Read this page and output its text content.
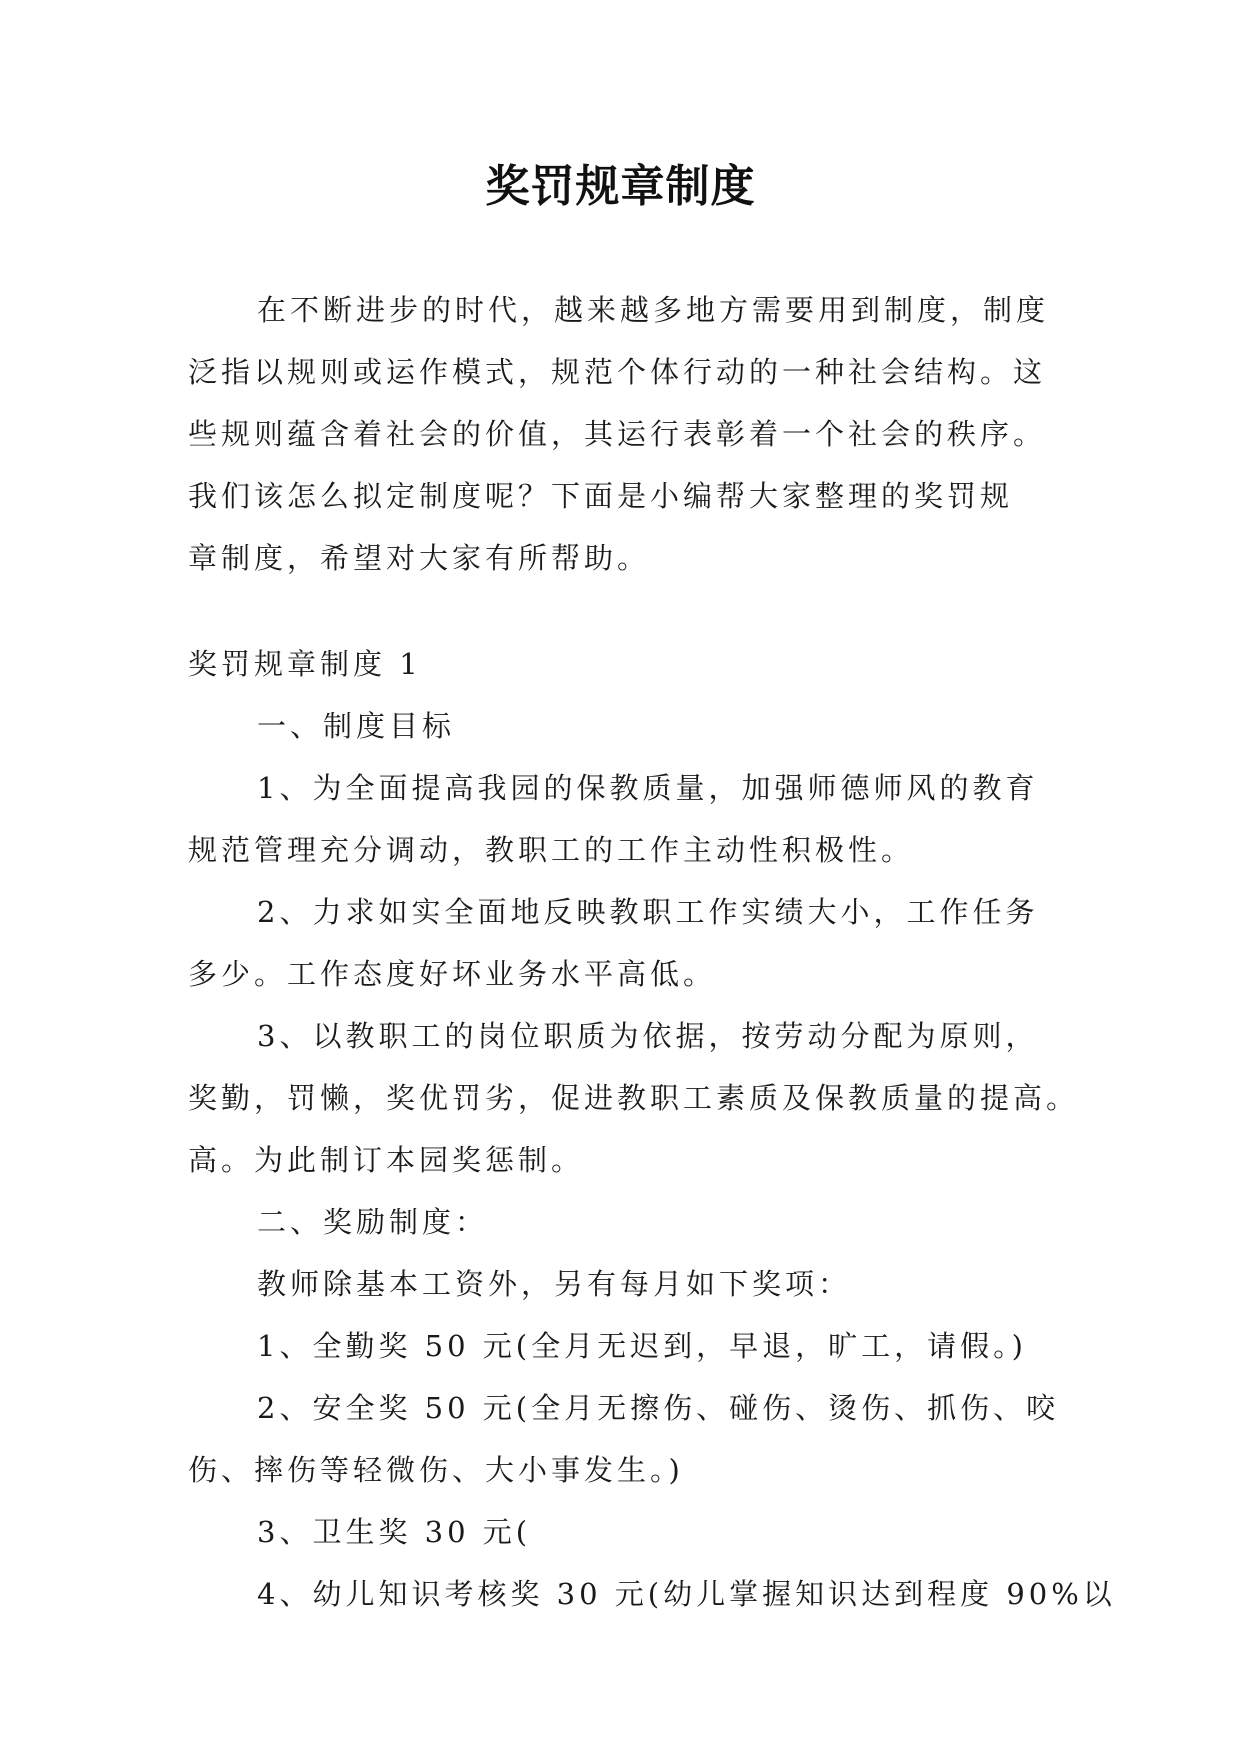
奖罚规章制度
在不断进步的时代，越来越多地方需要用到制度，制度
泛指以规则或运作模式，规范个体行动的一种社会结构。这
些规则蕴含着社会的价值，其运行表彰着一个社会的秩序。
我们该怎么拟定制度呢？下面是小编帮大家整理的奖罚规
章制度，希望对大家有所帮助。
奖罚规章制度 1
一、制度目标
1、为全面提高我园的保教质量，加强师德师风的教育
规范管理充分调动，教职工的工作主动性积极性。
2、力求如实全面地反映教职工作实绩大小，工作任务
多少。工作态度好坏业务水平高低。
3、以教职工的岗位职质为依据，按劳动分配为原则，
奖勤，罚懒，奖优罚劣，促进教职工素质及保教质量的提高。
高。为此制订本园奖惩制。
二、奖励制度：
教师除基本工资外，另有每月如下奖项：
1、全勤奖 50 元(全月无迟到，早退，旷工，请假。)
2、安全奖 50 元(全月无擦伤、碰伤、烫伤、抓伤、咬
伤、摔伤等轻微伤、大小事发生。)
3、卫生奖 30 元(
4、幼儿知识考核奖 30 元(幼儿掌握知识达到程度 90%以
